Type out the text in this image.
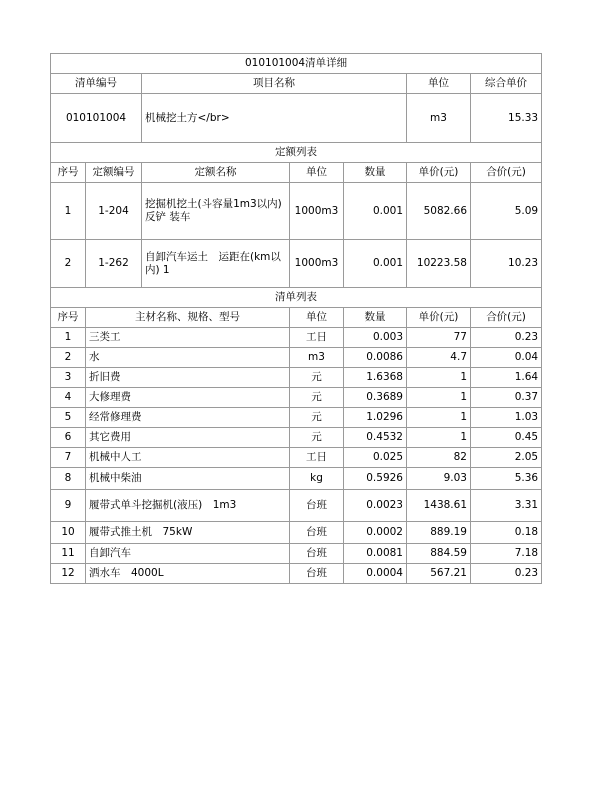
010101004清单详细						
清单编号		项目名称			单位	综合单价
010101004		机械挖土方</br>			m3	15.33
定额列表						
序号	定额编号	定额名称	单位	数量	单价(元)	合价(元)
1	1-204	挖掘机挖土(斗容量1m3以内) 反铲 装车	1000m3	0.001	5082.66	5.09
2	1-262	自卸汽车运土　运距在(km以内) 1	1000m3	0.001	10223.58	10.23
清单列表						
序号	主材名称、规格、型号		单位	数量	单价(元)	合价(元)
1	三类工		工日	0.003	77	0.23
2	水		m3	0.0086	4.7	0.04
3	折旧费		元	1.6368	1	1.64
4	大修理费		元	0.3689	1	0.37
5	经常修理费		元	1.0296	1	1.03
6	其它费用		元	0.4532	1	0.45
7	机械中人工		工日	0.025	82	2.05
8	机械中柴油		kg	0.5926	9.03	5.36
9	履带式单斗挖掘机(液压)　1m3		台班	0.0023	1438.61	3.31
10	履带式推土机　75kW		台班	0.0002	889.19	0.18
11	自卸汽车		台班	0.0081	884.59	7.18
12	洒水车　4000L		台班	0.0004	567.21	0.23
